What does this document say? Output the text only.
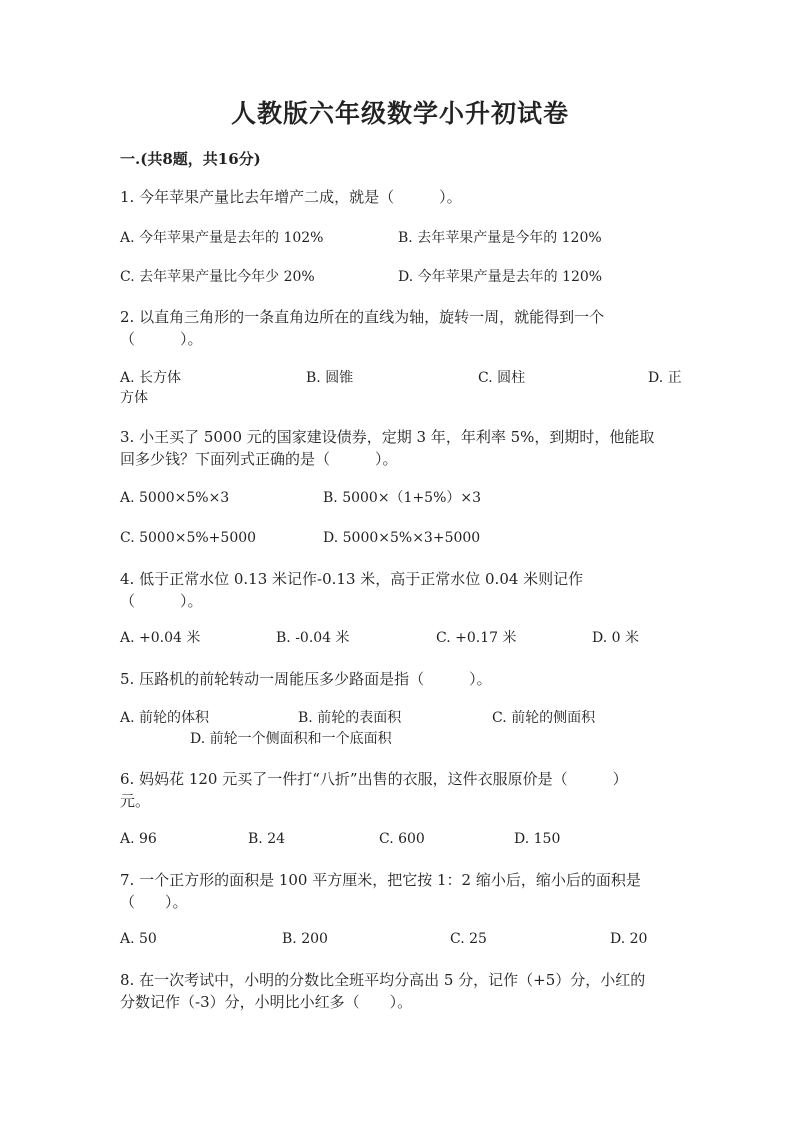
人教版六年级数学小升初试卷
一.(共8题，共16分)
1. 今年苹果产量比去年增产二成，就是（　　　）。
A. 今年苹果产量是去年的 102%	B. 去年苹果产量是今年的 120%
C. 去年苹果产量比今年少 20%	D. 今年苹果产量是去年的 120%
2. 以直角三角形的一条直角边所在的直线为轴，旋转一周，就能得到一个
（　　　）。
A. 长方体	B. 圆锥	C. 圆柱	D. 正
方体
3. 小王买了 5000 元的国家建设债券，定期 3 年，年利率 5%，到期时，他能取
回多少钱？下面列式正确的是（　　　）。
A. 5000×5%×3	B. 5000×（1+5%）×3
C. 5000×5%+5000	D. 5000×5%×3+5000
4. 低于正常水位 0.13 米记作-0.13 米，高于正常水位 0.04 米则记作
（　　　）。
A. +0.04 米	B. -0.04 米	C. +0.17 米	D. 0 米
5. 压路机的前轮转动一周能压多少路面是指（　　　）。
A. 前轮的体积	B. 前轮的表面积	C. 前轮的侧面积
D. 前轮一个侧面积和一个底面积
6. 妈妈花 120 元买了一件打“八折”出售的衣服，这件衣服原价是（　　　）
元。
A. 96	B. 24	C. 600	D. 150
7. 一个正方形的面积是 100 平方厘米，把它按 1：2 缩小后，缩小后的面积是
（　　）。
A. 50	B. 200	C. 25	D. 20
8. 在一次考试中，小明的分数比全班平均分高出 5 分，记作（+5）分，小红的
分数记作（-3）分，小明比小红多（　　）。
